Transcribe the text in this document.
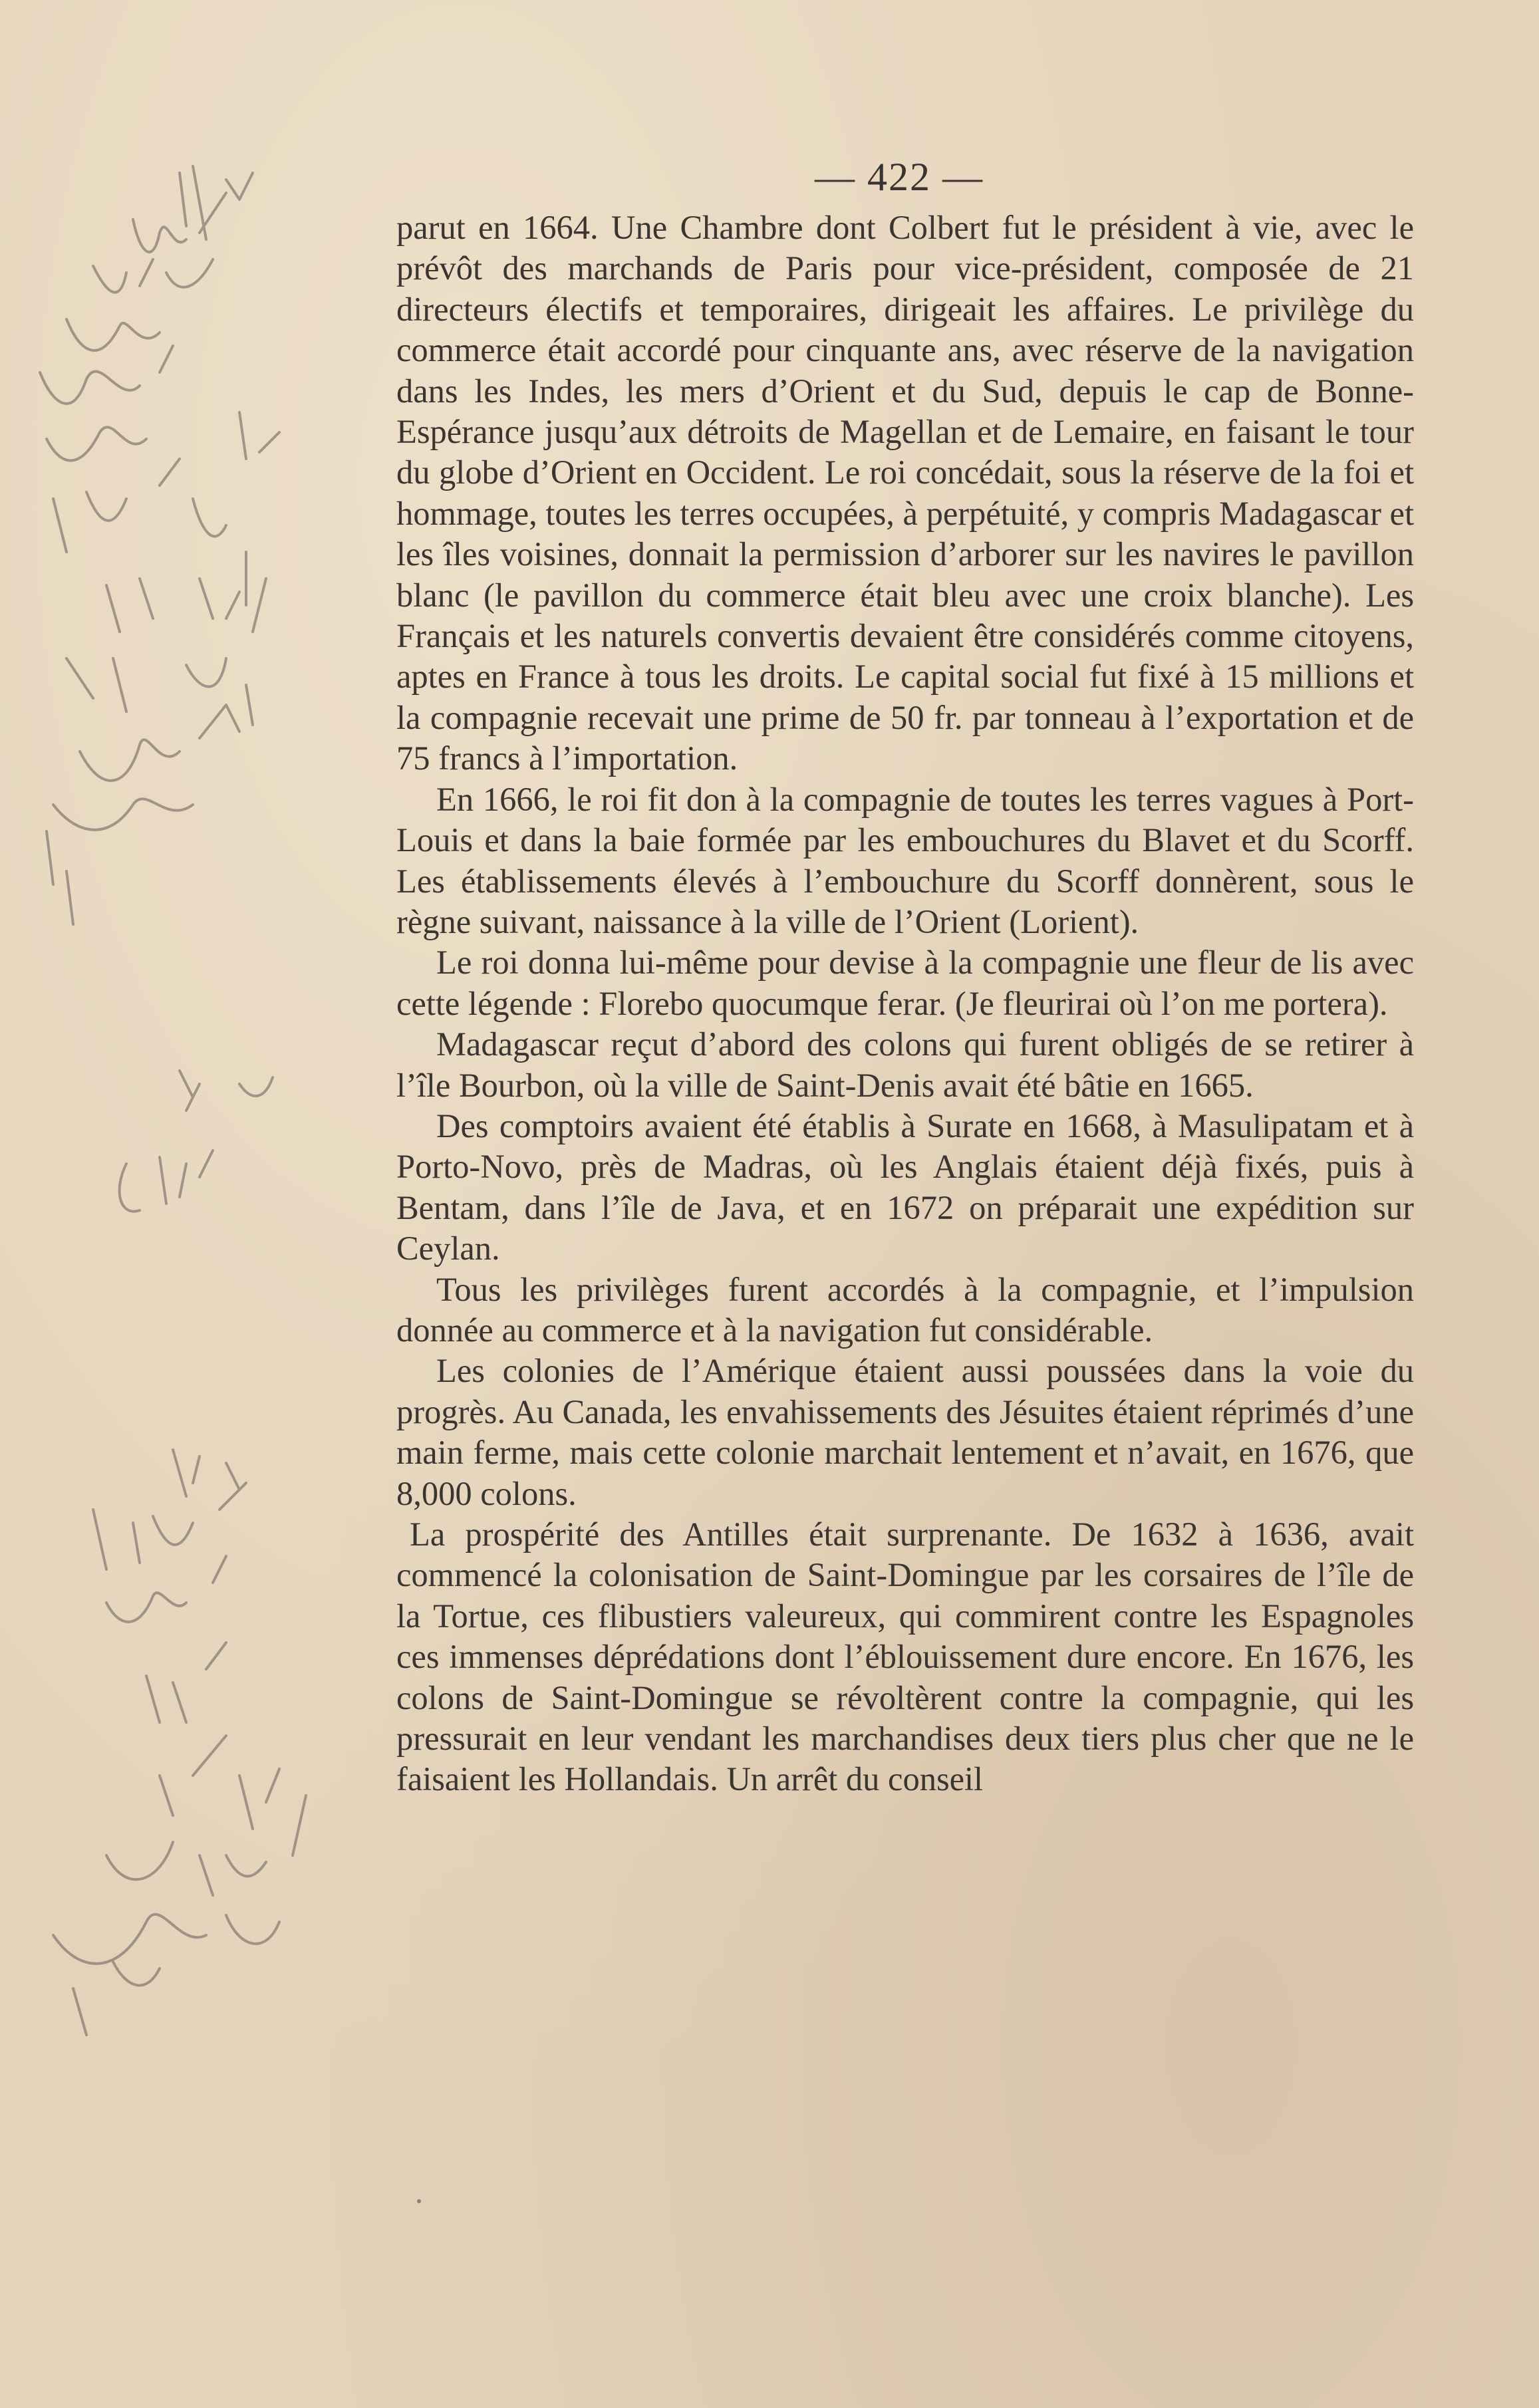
— 422 —

parut en 1664. Une Chambre dont Colbert fut le président à vie, avec le prévôt des marchands de Paris pour vice-président, composée de 21 directeurs électifs et temporaires, dirigeait les affaires. Le privilège du commerce était accordé pour cinquante ans, avec réserve de la navigation dans les Indes, les mers d’Orient et du Sud, depuis le cap de Bonne-Espérance jusqu’aux détroits de Magellan et de Lemaire, en faisant le tour du globe d’Orient en Occident. Le roi concédait, sous la réserve de la foi et hommage, toutes les terres occupées, à perpétuité, y compris Madagascar et les îles voisines, donnait la permission d’arborer sur les navires le pavillon blanc (le pavillon du commerce était bleu avec une croix blanche). Les Français et les naturels convertis devaient être considérés comme citoyens, aptes en France à tous les droits. Le capital social fut fixé à 15 millions et la compagnie recevait une prime de 50 fr. par tonneau à l’exportation et de 75 francs à l’importation.

En 1666, le roi fit don à la compagnie de toutes les terres vagues à Port-Louis et dans la baie formée par les embouchures du Blavet et du Scorff. Les établissements élevés à l’embouchure du Scorff donnèrent, sous le règne suivant, naissance à la ville de l’Orient (Lorient).

Le roi donna lui-même pour devise à la compagnie une fleur de lis avec cette légende : Florebo quocumque ferar. (Je fleurirai où l’on me portera).

Madagascar reçut d’abord des colons qui furent obligés de se retirer à l’île Bourbon, où la ville de Saint-Denis avait été bâtie en 1665.

Des comptoirs avaient été établis à Surate en 1668, à Masulipatam et à Porto-Novo, près de Madras, où les Anglais étaient déjà fixés, puis à Bentam, dans l’île de Java, et en 1672 on préparait une expédition sur Ceylan.

Tous les privilèges furent accordés à la compagnie, et l’impulsion donnée au commerce et à la navigation fut considérable.

Les colonies de l’Amérique étaient aussi poussées dans la voie du progrès. Au Canada, les envahissements des Jésuites étaient réprimés d’une main ferme, mais cette colonie marchait lentement et n’avait, en 1676, que 8,000 colons.

La prospérité des Antilles était surprenante. De 1632 à 1636, avait commencé la colonisation de Saint-Domingue par les corsaires de l’île de la Tortue, ces flibustiers valeureux, qui commirent contre les Espagnoles ces immenses déprédations dont l’éblouissement dure encore. En 1676, les colons de Saint-Domingue se révoltèrent contre la compagnie, qui les pressurait en leur vendant les marchandises deux tiers plus cher que ne le faisaient les Hollandais. Un arrêt du conseil
